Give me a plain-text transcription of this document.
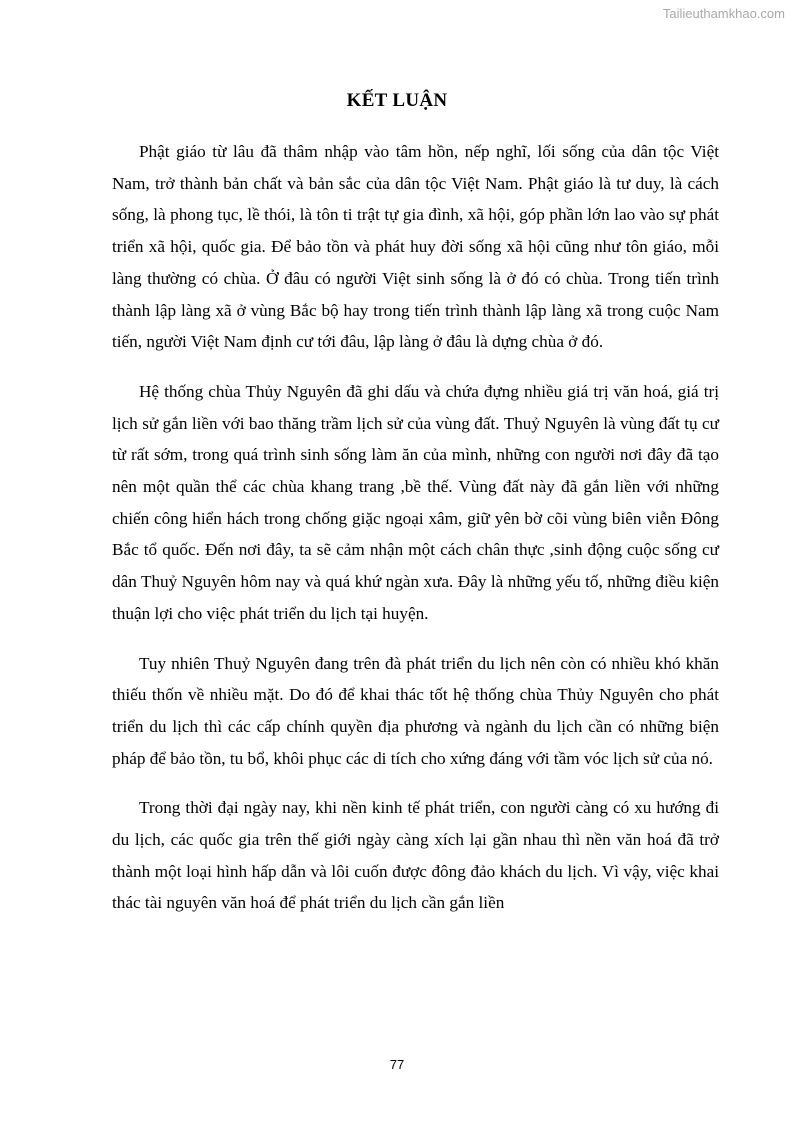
Tailieuthamkhao.com
KẾT LUẬN

Phật giáo từ lâu đã thâm nhập vào tâm hồn, nếp nghĩ, lối sống của dân tộc Việt Nam, trở thành bản chất và bản sắc của dân tộc Việt Nam. Phật giáo là tư duy, là cách sống, là phong tục, lề thói, là tôn ti trật tự gia đình, xã hội, góp phần lớn lao vào sự phát triển xã hội, quốc gia. Để bảo tồn và phát huy đời sống xã hội cũng như tôn giáo, mỗi làng thường có chùa. Ở đâu có người Việt sinh sống là ở đó có chùa. Trong tiến trình thành lập làng xã ở vùng Bắc bộ hay trong tiến trình thành lập làng xã trong cuộc Nam tiến, người Việt Nam định cư tới đâu, lập làng ở đâu là dựng chùa ở đó.

Hệ thống chùa Thủy Nguyên đã ghi dấu và chứa đựng nhiều giá trị văn hoá, giá trị lịch sử gắn liền với bao thăng trầm lịch sử của vùng đất. Thuỷ Nguyên là vùng đất tụ cư từ rất sớm, trong quá trình sinh sống làm ăn của mình, những con người nơi đây đã tạo nên một quần thể các chùa khang trang ,bề thế. Vùng đất này đã gắn liền với những chiến công hiển hách trong chống giặc ngoại xâm, giữ yên bờ cõi vùng biên viễn Đông Bắc tổ quốc. Đến nơi đây, ta sẽ cảm nhận một cách chân thực ,sinh động cuộc sống cư dân Thuỷ Nguyên hôm nay và quá khứ ngàn xưa. Đây là những yếu tố, những điều kiện thuận lợi cho việc phát triển du lịch tại huyện.

Tuy nhiên Thuỷ Nguyên đang trên đà phát triển du lịch nên còn có nhiều khó khăn thiếu thốn về nhiều mặt. Do đó để khai thác tốt hệ thống chùa Thủy Nguyên cho phát triển du lịch thì các cấp chính quyền địa phương và ngành du lịch cần có những biện pháp để bảo tồn, tu bổ, khôi phục các di tích cho xứng đáng với tầm vóc lịch sử của nó.

Trong thời đại ngày nay, khi nền kinh tế phát triển, con người càng có xu hướng đi du lịch, các quốc gia trên thế giới ngày càng xích lại gần nhau thì nền văn hoá đã trở thành một loại hình hấp dẫn và lôi cuốn được đông đảo khách du lịch. Vì vậy, việc khai thác tài nguyên văn hoá để phát triển du lịch cần gắn liền

77
